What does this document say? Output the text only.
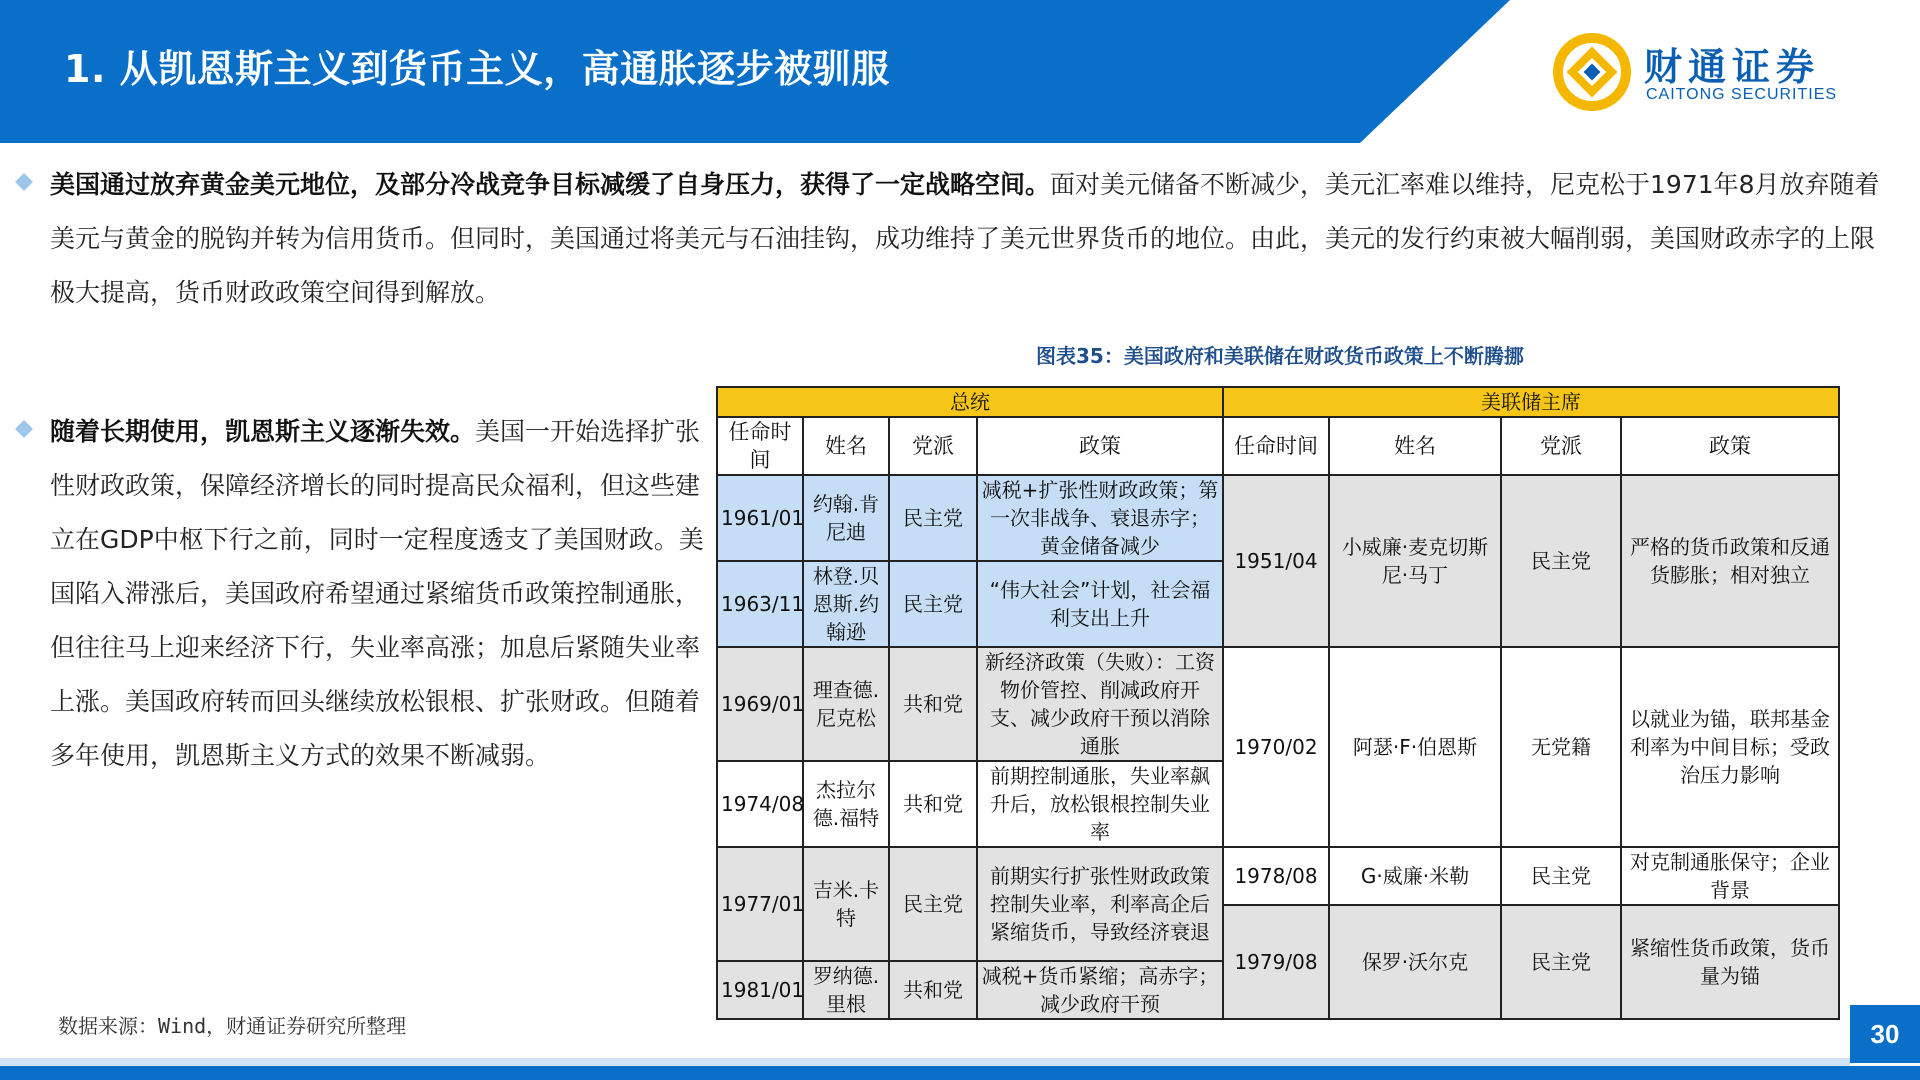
1. 从凯恩斯主义到货币主义，高通胀逐步被驯服	财通证券
CAITONG SECURITIES
美国通过放弃黄金美元地位，及部分冷战竞争目标减缓了自身压力，获得了一定战略空间。面对美元储备不断减少，美元汇率难以维持，尼克松于1971年8月放弃随着美元与黄金的脱钩并转为信用货币。但同时，美国通过将美元与石油挂钩，成功维持了美元世界货币的地位。由此，美元的发行约束被大幅削弱，美国财政赤字的上限极大提高，货币财政政策空间得到解放。
随着长期使用，凯恩斯主义逐渐失效。美国一开始选择扩张性财政政策，保障经济增长的同时提高民众福利，但这些建立在GDP中枢下行之前，同时一定程度透支了美国财政。美国陷入滞涨后，美国政府希望通过紧缩货币政策控制通胀，但往往马上迎来经济下行，失业率高涨；加息后紧随失业率上涨。美国政府转而回头继续放松银根、扩张财政。但随着多年使用，凯恩斯主义方式的效果不断减弱。
图表35：美国政府和美联储在财政货币政策上不断腾挪
总统				美联储主席			
任命时间	姓名	党派	政策	任命时间	姓名	党派	政策
1961/01	约翰.肯尼迪	民主党	减税+扩张性财政政策；第一次非战争、衰退赤字；黄金储备减少	1951/04	小威廉·麦克切斯尼·马丁	民主党	严格的货币政策和反通货膨胀；相对独立
1963/11	林登.贝恩斯.约翰逊	民主党	“伟大社会”计划，社会福利支出上升				
1969/01	理查德.尼克松	共和党	新经济政策（失败）：工资物价管控、削减政府开支、减少政府干预以消除通胀	1970/02	阿瑟·F·伯恩斯	无党籍	以就业为锚，联邦基金利率为中间目标；受政治压力影响
1974/08	杰拉尔德.福特	共和党	前期控制通胀，失业率飙升后，放松银根控制失业率				
1977/01	吉米.卡特	民主党	前期实行扩张性财政政策控制失业率，利率高企后紧缩货币，导致经济衰退	1978/08	G·威廉·米勒	民主党	对克制通胀保守；企业背景
				1979/08	保罗·沃尔克	民主党	紧缩性货币政策，货币量为锚
1981/01	罗纳德.里根	共和党	减税+货币紧缩；高赤字；减少政府干预				
数据来源：Wind，财通证券研究所整理	30
